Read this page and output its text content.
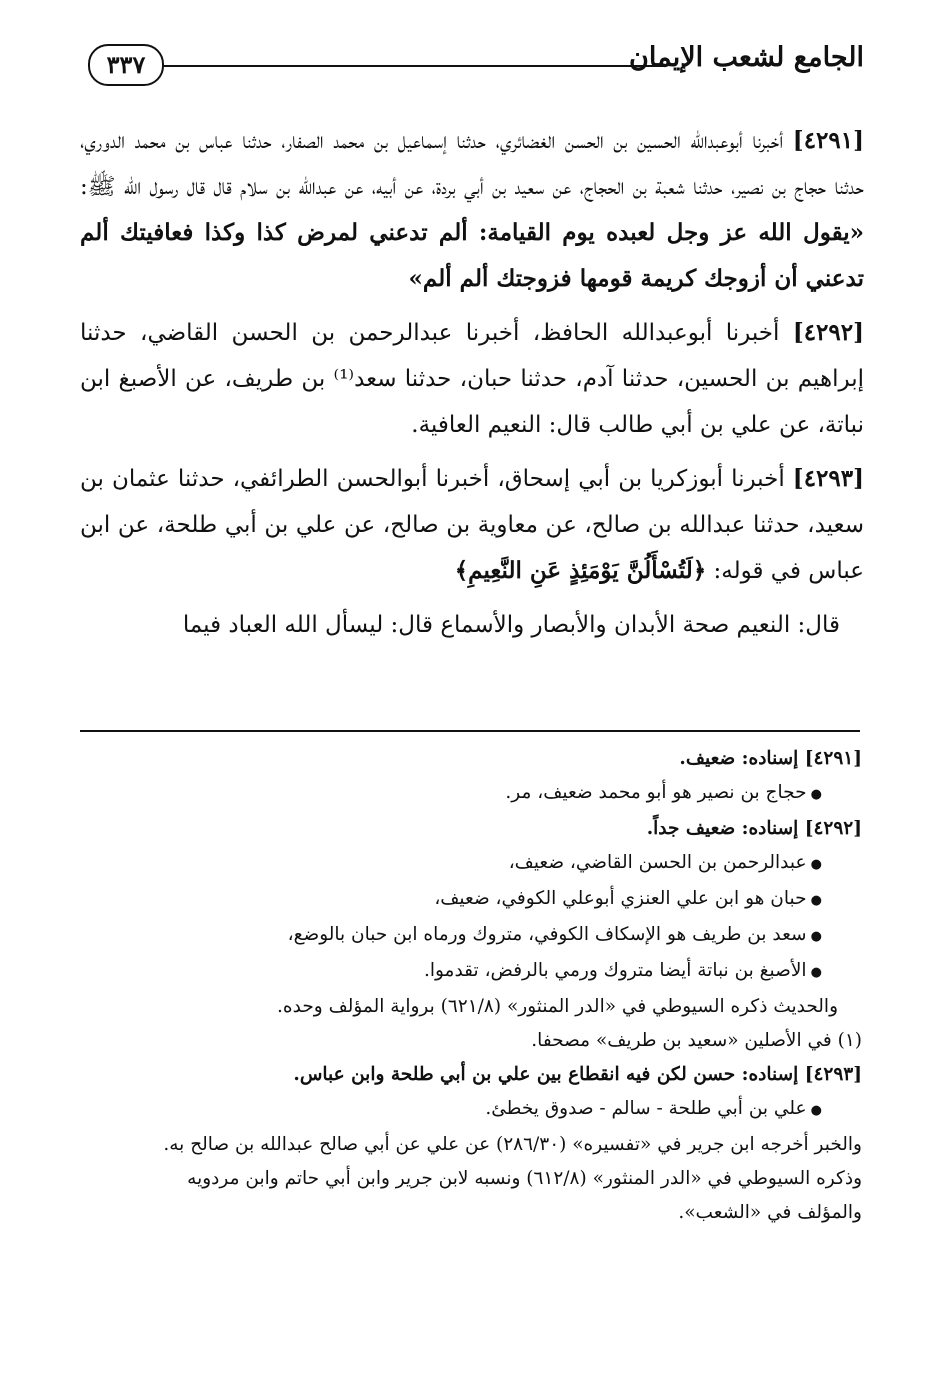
الجامع لشعب الإيمان
٣٣٧

[٤٢٩١] أخبرنا أبوعبدالله الحسين بن الحسن الغضائري، حدثنا إسماعيل بن محمد الصفار، حدثنا عباس بن محمد الدوري، حدثنا حجاج بن نصير، حدثنا شعبة بن الحجاج، عن سعيد بن أبي بردة، عن أبيه، عن عبدالله بن سلام قال قال رسول الله ﷺ: «يقول الله عز وجل لعبده يوم القيامة: ألم تدعني لمرض كذا وكذا فعافيتك ألم تدعني أن أزوجك كريمة قومها فزوجتك ألم ألم»

[٤٢٩٢] أخبرنا أبوعبدالله الحافظ، أخبرنا عبدالرحمن بن الحسن القاضي، حدثنا إبراهيم بن الحسين، حدثنا آدم، حدثنا حبان، حدثنا سعد⁽¹⁾ بن طريف، عن الأصبغ ابن نباتة، عن علي بن أبي طالب قال: النعيم العافية.

[٤٢٩٣] أخبرنا أبوزكريا بن أبي إسحاق، أخبرنا أبوالحسن الطرائفي، حدثنا عثمان بن سعيد، حدثنا عبدالله بن صالح، عن معاوية بن صالح، عن علي بن أبي طلحة، عن ابن عباس في قوله: ﴿لَتُسْأَلُنَّ يَوْمَئِذٍ عَنِ النَّعِيمِ﴾

قال: النعيم صحة الأبدان والأبصار والأسماع قال: ليسأل الله العباد فيما

[٤٢٩١] إسناده: ضعيف.

● حجاج بن نصير هو أبو محمد ضعيف، مر.

[٤٢٩٢] إسناده: ضعيف جداً.

● عبدالرحمن بن الحسن القاضي، ضعيف،

● حبان هو ابن علي العنزي أبوعلي الكوفي، ضعيف،

● سعد بن طريف هو الإسكاف الكوفي، متروك ورماه ابن حبان بالوضع،

● الأصبغ بن نباتة أيضا متروك ورمي بالرفض، تقدموا.

والحديث ذكره السيوطي في «الدر المنثور» (٦٢١/٨) برواية المؤلف وحده.

(١) في الأصلين «سعيد بن طريف» مصحفا.

[٤٢٩٣] إسناده: حسن لكن فيه انقطاع بين علي بن أبي طلحة وابن عباس.

● علي بن أبي طلحة - سالم - صدوق يخطئ.

والخبر أخرجه ابن جرير في «تفسيره» (٢٨٦/٣٠) عن علي عن أبي صالح عبدالله بن صالح به.

وذكره السيوطي في «الدر المنثور» (٦١٢/٨) ونسبه لابن جرير وابن أبي حاتم وابن مردويه

والمؤلف في «الشعب».
